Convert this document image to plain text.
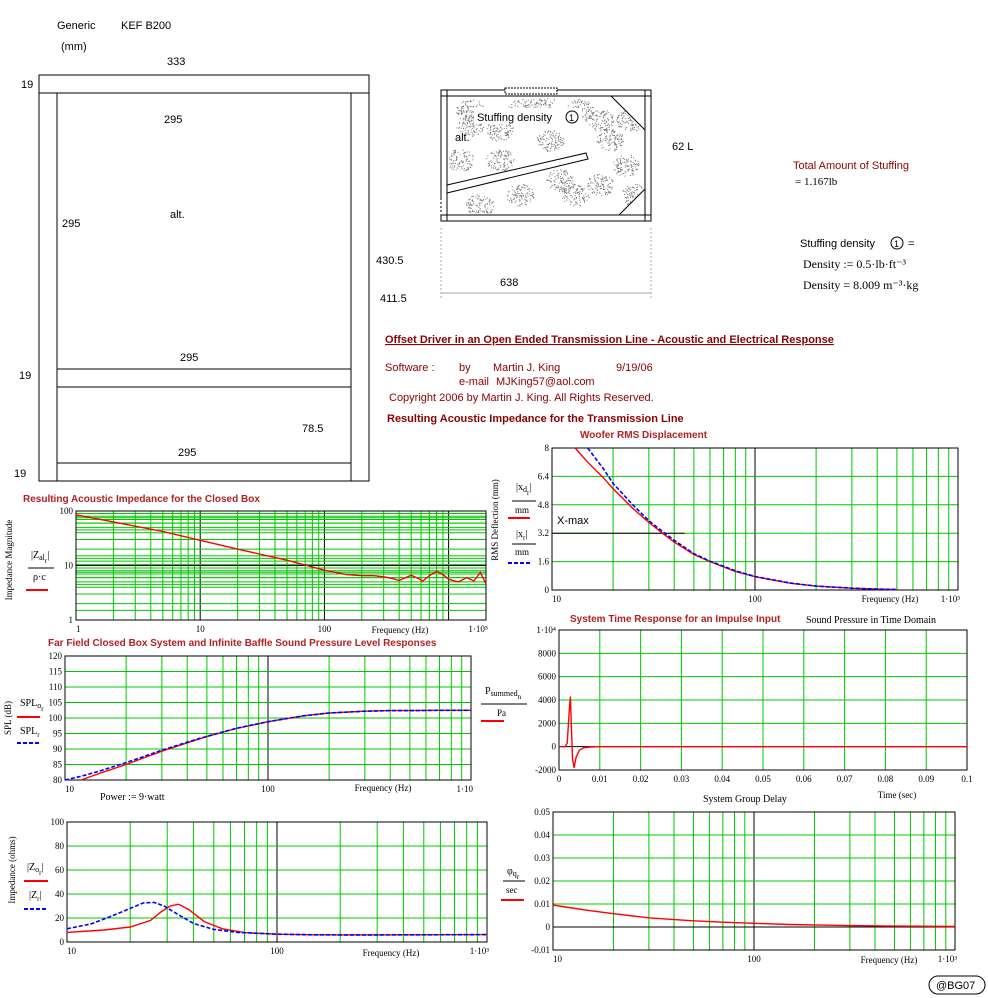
Generic KEF B200
(mm)
333
19
295
295
alt.
295
19
78.5
295
19
430.5
411.5
Stuffing density 1
alt.
62 L
638
Total Amount of Stuffing
= 1.167lb
Stuffing density 1 =
Density := 0.5·lb·ft⁻³
Density = 8.009 m⁻³·kg
Offset Driver in an Open Ended Transmission Line - Acoustic and Electrical Response
Software : by Martin J. King	9/19/06
e-mail MJKing57@aol.com
Copyright 2006 by Martin J. King. All Rights Reserved.
Resulting Acoustic Impedance for the Transmission Line
Woofer RMS Displacement
Resulting Acoustic Impedance for the Closed Box
Far Field Closed Box System and Infinite Baffle Sound Pressure Level Responses
System Time Response for an Impulse Input	Sound Pressure in Time Domain
System Group Delay
Power := 9·watt
X-max
$|Z_{alr}|$
ρ·c
$|x_{dr}|$
mm
$|x_r|$
mm
$SPL_{or}$
$SPL_r$
$P_{summedn}$
Pa
$|Z_{or}|$
$|Z_r|$
$\varphi_{qr}$
sec
1
10
100
1	10	100	1·10⁵
Frequency (Hz)
Impedance Magnitude	0
1.6
3.2
4.8
6.4
8
10	100	1·10³
Frequency (Hz)
RMS Deflection (mm)
80
85
90
95
100
105
110
115
120
10	100	1·10
Frequency (Hz)
SPL (dB)
-2000
0
2000
4000
6000
8000
1·10⁴
0	0.01	0.02	0.03	0.04	0.05	0.06	0.07	0.08	0.09	0.1
Time (sec)
0
20
40
60
80
100
10	100	1·10³
Frequency (Hz)
Impedance (ohms)
-0.01
0
0.01
0.02
0.03
0.04
0.05
10	100	1·10³
Frequency (Hz)
@BG07
